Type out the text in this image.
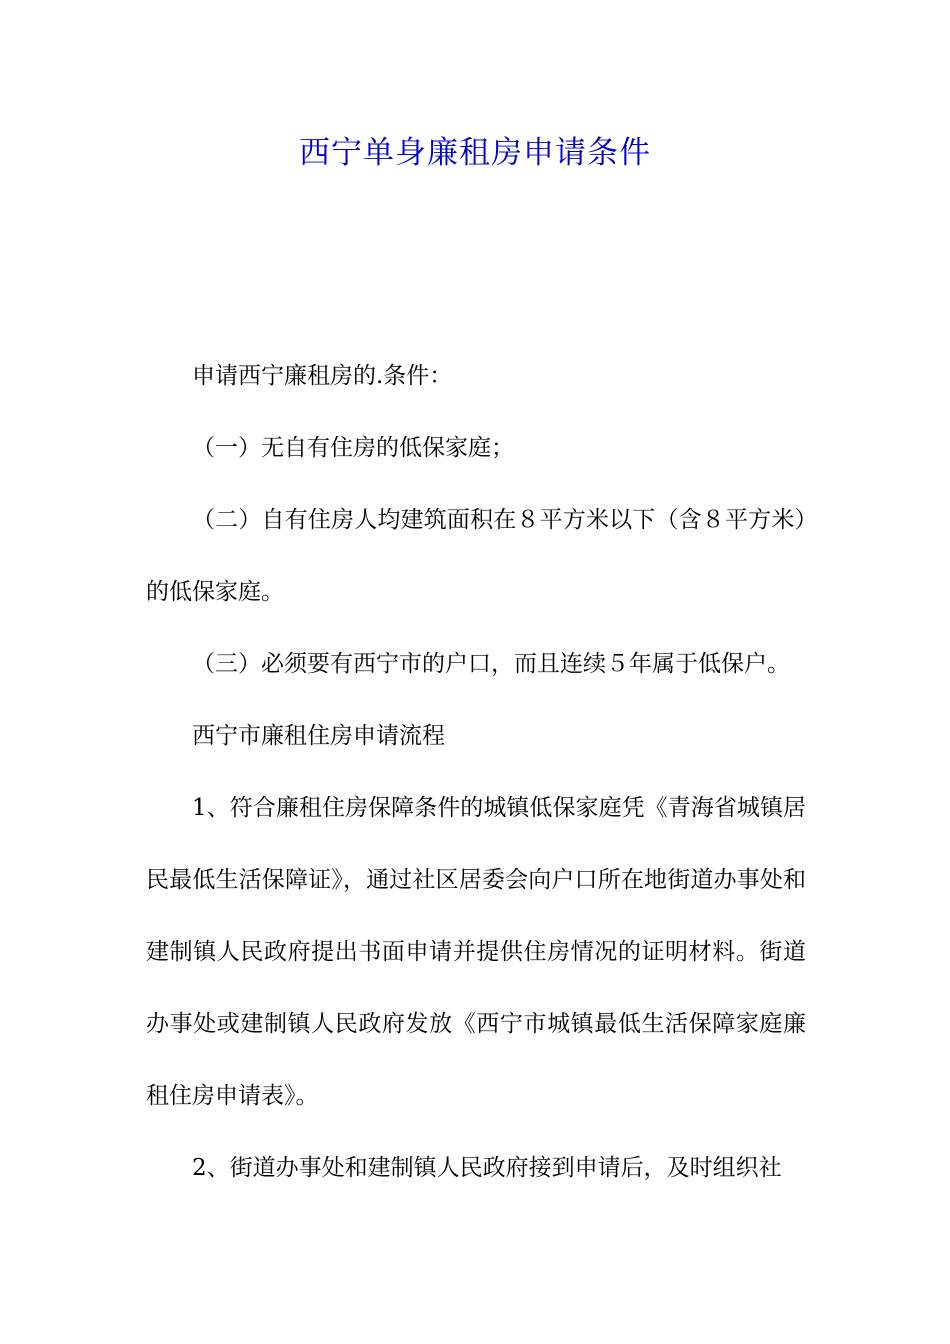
西宁单身廉租房申请条件

申请西宁廉租房的.条件：

（一）无自有住房的低保家庭；

（二）自有住房人均建筑面积在８平方米以下（含８平方米）的低保家庭。

（三）必须要有西宁市的户口，而且连续５年属于低保户。

西宁市廉租住房申请流程

1、符合廉租住房保障条件的城镇低保家庭凭《青海省城镇居民最低生活保障证》，通过社区居委会向户口所在地街道办事处和建制镇人民政府提出书面申请并提供住房情况的证明材料。街道办事处或建制镇人民政府发放《西宁市城镇最低生活保障家庭廉租住房申请表》。

2、街道办事处和建制镇人民政府接到申请后，及时组织社
